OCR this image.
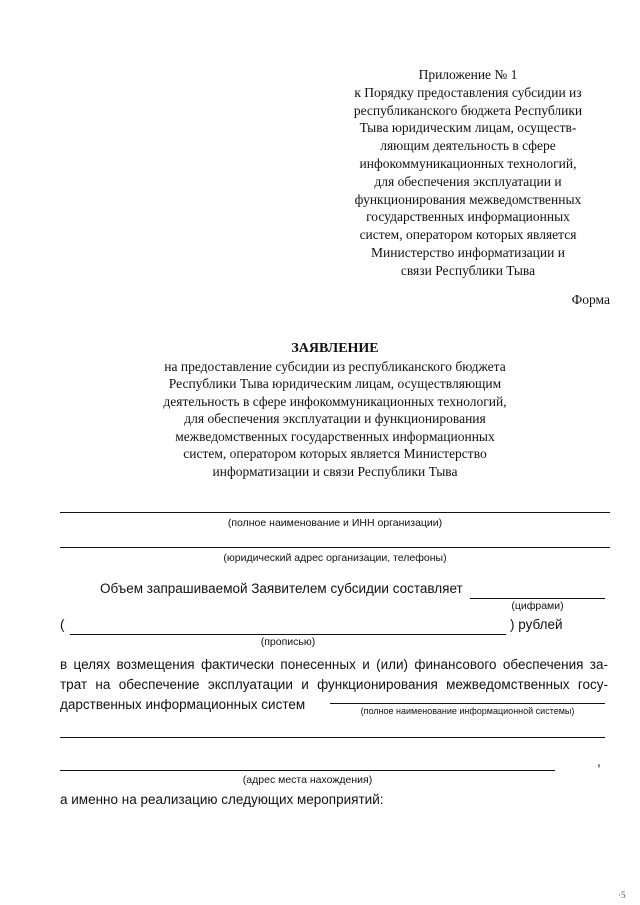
Приложение № 1
к Порядку предоставления субсидии из
республиканского бюджета Республики
Тыва юридическим лицам, осуществ-
ляющим деятельность в сфере
инфокоммуникационных технологий,
для обеспечения эксплуатации и
функционирования межведомственных
государственных информационных
систем, оператором которых является
Министерство информатизации и
связи Республики Тыва
Форма
ЗАЯВЛЕНИЕ
на предоставление субсидии из республиканского бюджета
Республики Тыва юридическим лицам, осуществляющим
деятельность в сфере инфокоммуникационных технологий,
для обеспечения эксплуатации и функционирования
межведомственных государственных информационных
систем, оператором которых является Министерство
информатизации и связи Республики Тыва
(полное наименование и ИНН организации)
(юридический адрес организации, телефоны)
Объем запрашиваемой Заявителем субсидии составляет
(цифрами)
(	) рублей
(прописью)
в целях возмещения фактически понесенных и (или) финансового обеспечения за-
трат на обеспечение эксплуатации и функционирования межведомственных госу-
дарственных информационных систем	(полное наименование информационной системы)
,
(адрес места нахождения)
а именно на реализацию следующих мероприятий:
·5
